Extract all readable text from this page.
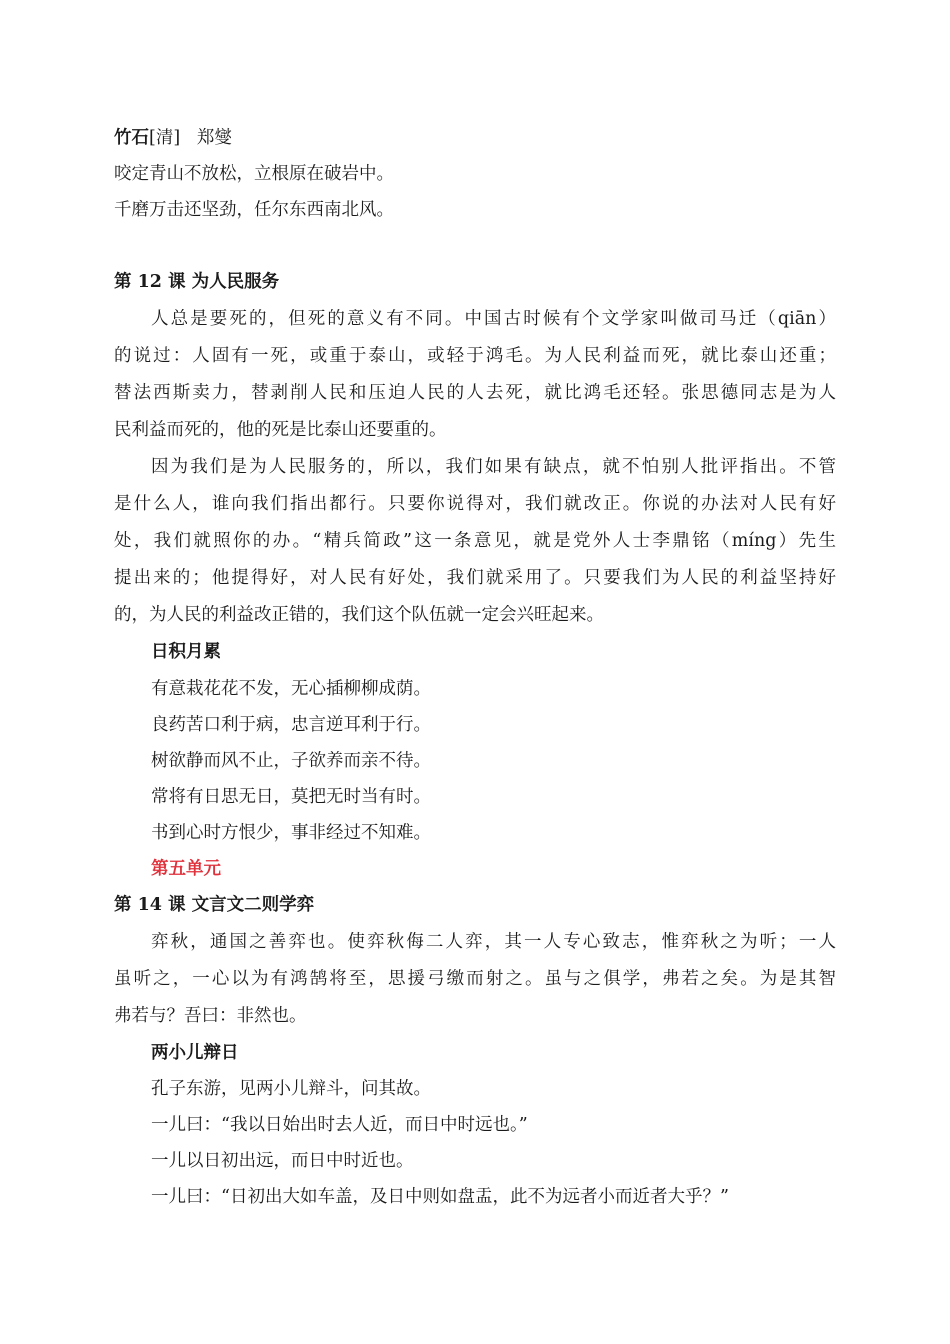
竹石[清] 郑燮
咬定青山不放松，立根原在破岩中。
千磨万击还坚劲，任尔东西南北风。
第 12 课 为人民服务
人总是要死的，但死的意义有不同。中国古时候有个文学家叫做司马迁（qiān）
的说过：人固有一死，或重于泰山，或轻于鸿毛。为人民利益而死，就比泰山还重；
替法西斯卖力，替剥削人民和压迫人民的人去死，就比鸿毛还轻。张思德同志是为人
民利益而死的，他的死是比泰山还要重的。
因为我们是为人民服务的，所以，我们如果有缺点，就不怕别人批评指出。不管
是什么人，谁向我们指出都行。只要你说得对，我们就改正。你说的办法对人民有好
处，我们就照你的办。“精兵简政”这一条意见，就是党外人士李鼎铭（míng）先生
提出来的；他提得好，对人民有好处，我们就采用了。只要我们为人民的利益坚持好
的，为人民的利益改正错的，我们这个队伍就一定会兴旺起来。
日积月累
有意栽花花不发，无心插柳柳成荫。
良药苦口利于病，忠言逆耳利于行。
树欲静而风不止，子欲养而亲不待。
常将有日思无日，莫把无时当有时。
书到心时方恨少，事非经过不知难。
第五单元
第 14 课 文言文二则学弈
弈秋，通国之善弈也。使弈秋侮二人弈，其一人专心致志，惟弈秋之为听；一人
虽听之，一心以为有鸿鹄将至，思援弓缴而射之。虽与之俱学，弗若之矣。为是其智
弗若与？吾曰：非然也。
两小儿辩日
孔子东游，见两小儿辩斗，问其故。
一儿曰：“我以日始出时去人近，而日中时远也。”
一儿以日初出远，而日中时近也。
一儿曰：“日初出大如车盖，及日中则如盘盂，此不为远者小而近者大乎？”
